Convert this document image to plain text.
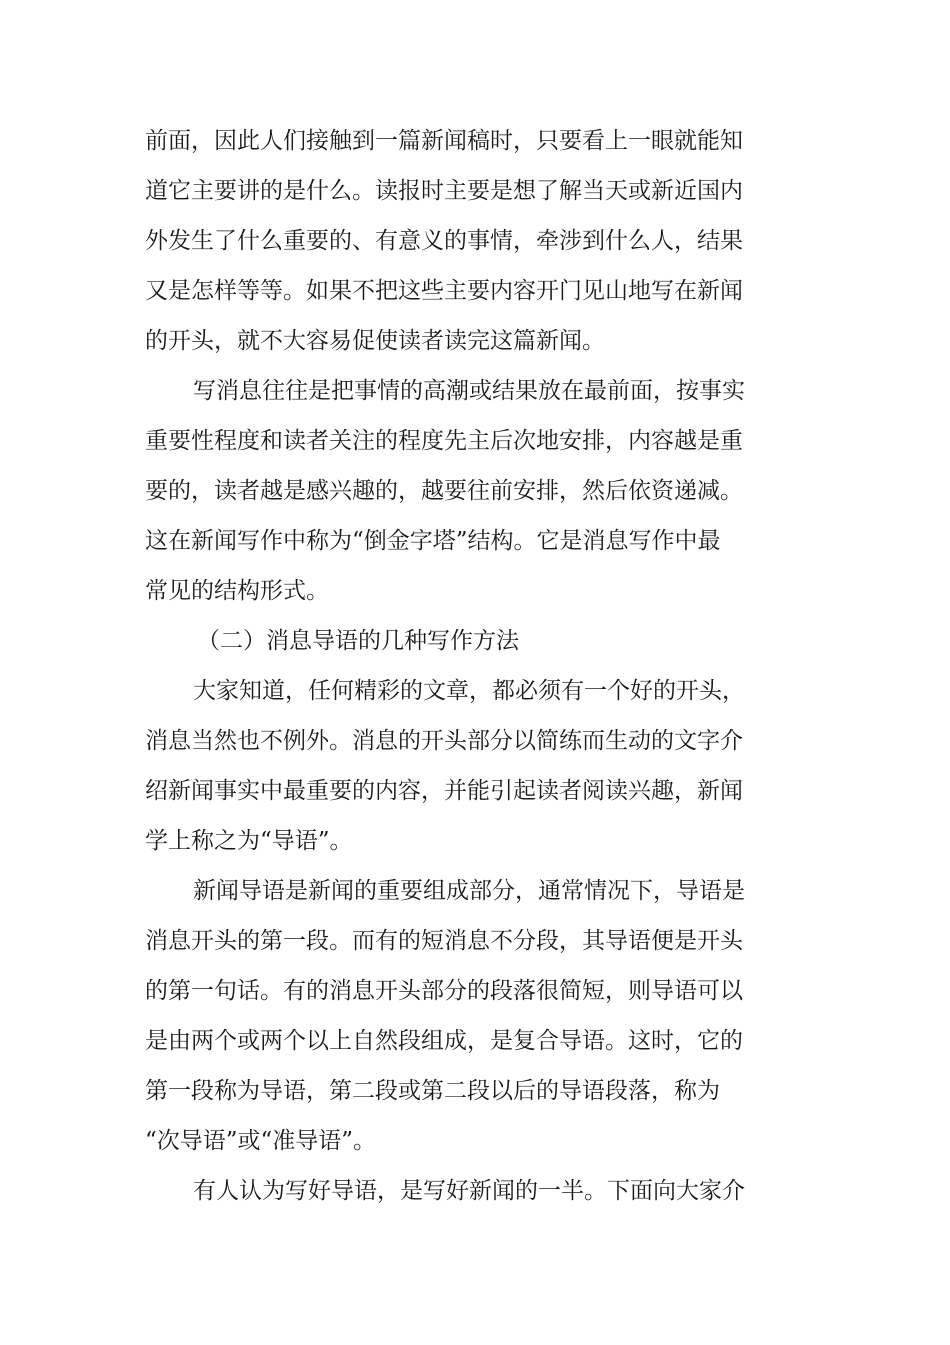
前面，因此人们接触到一篇新闻稿时，只要看上一眼就能知
道它主要讲的是什么。读报时主要是想了解当天或新近国内
外发生了什么重要的、有意义的事情，牵涉到什么人，结果
又是怎样等等。如果不把这些主要内容开门见山地写在新闻
的开头，就不大容易促使读者读完这篇新闻。
写消息往往是把事情的高潮或结果放在最前面，按事实
重要性程度和读者关注的程度先主后次地安排，内容越是重
要的，读者越是感兴趣的，越要往前安排，然后依资递减。
这在新闻写作中称为“倒金字塔”结构。它是消息写作中最
常见的结构形式。
（二）消息导语的几种写作方法
大家知道，任何精彩的文章，都必须有一个好的开头，
消息当然也不例外。消息的开头部分以简练而生动的文字介
绍新闻事实中最重要的内容，并能引起读者阅读兴趣，新闻
学上称之为“导语”。
新闻导语是新闻的重要组成部分，通常情况下，导语是
消息开头的第一段。而有的短消息不分段，其导语便是开头
的第一句话。有的消息开头部分的段落很简短，则导语可以
是由两个或两个以上自然段组成，是复合导语。这时，它的
第一段称为导语，第二段或第二段以后的导语段落，称为
“次导语”或“准导语”。
有人认为写好导语，是写好新闻的一半。下面向大家介
